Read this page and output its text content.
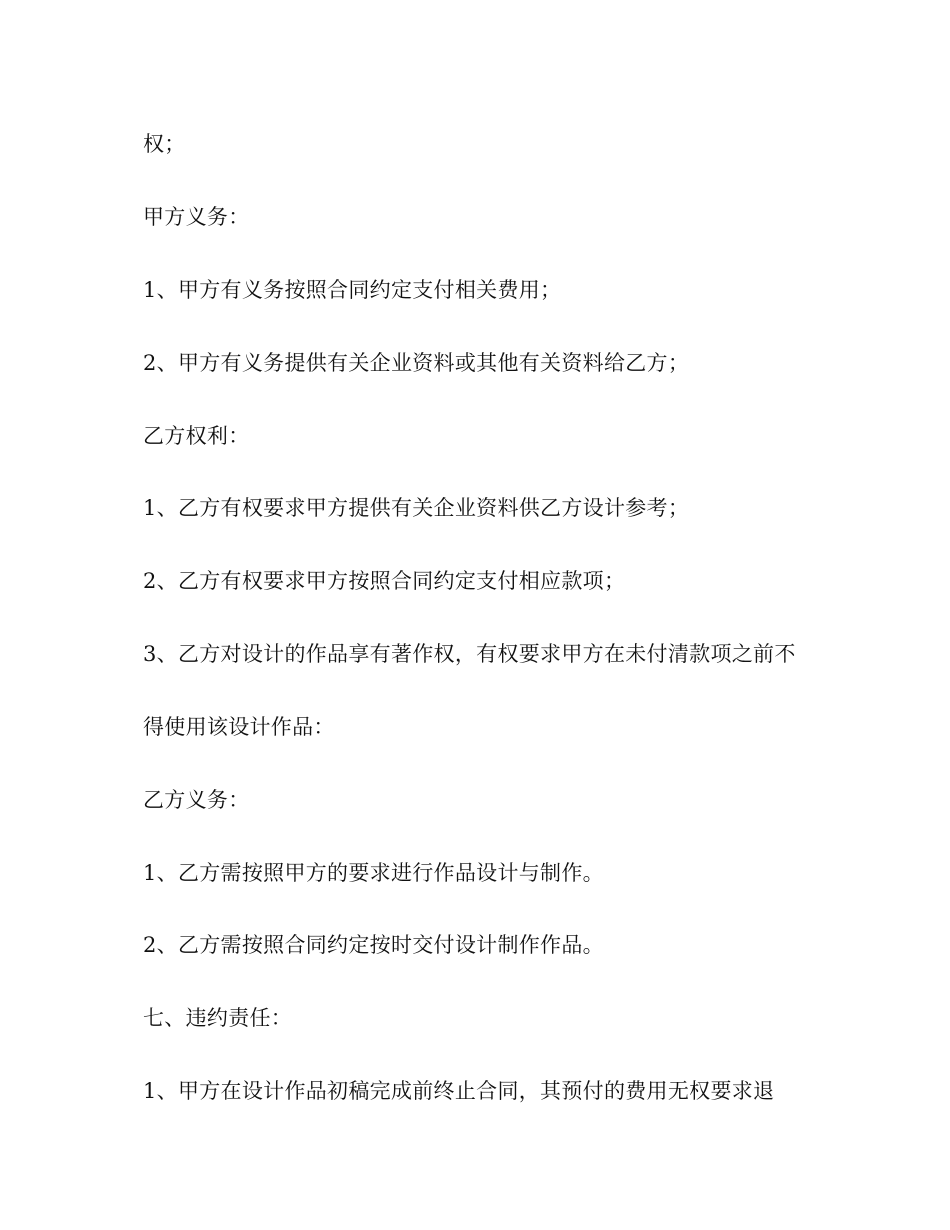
权；

甲方义务：

1、甲方有义务按照合同约定支付相关费用；

2、甲方有义务提供有关企业资料或其他有关资料给乙方；

乙方权利：

1、乙方有权要求甲方提供有关企业资料供乙方设计参考；

2、乙方有权要求甲方按照合同约定支付相应款项；

3、乙方对设计的作品享有著作权，有权要求甲方在未付清款项之前不

得使用该设计作品：

乙方义务：

1、乙方需按照甲方的要求进行作品设计与制作。

2、乙方需按照合同约定按时交付设计制作作品。

七、违约责任：

1、甲方在设计作品初稿完成前终止合同，其预付的费用无权要求退
